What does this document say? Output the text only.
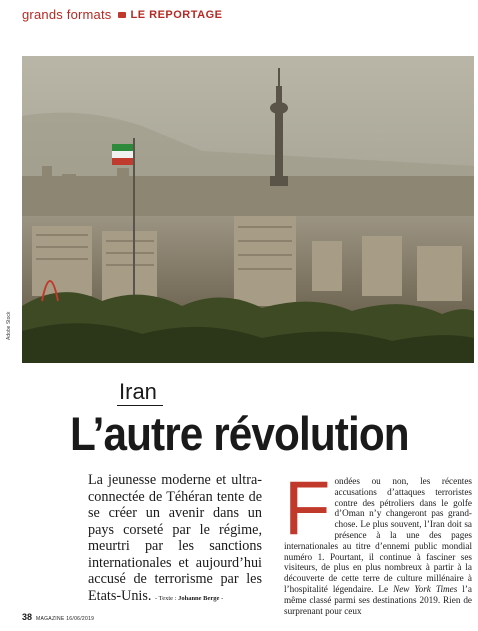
grands formats LE REPORTAGE
Adobe Stock
Iran
L’autre révolution
La jeunesse moderne et ultra-connectée de Téhéran tente de se créer un avenir dans un pays corseté par le régime, meurtri par les sanctions internationales et aujourd’hui accusé de terrorisme par les Etats-Unis. - Texte : Johanne Berge -
Fondées ou non, les récentes accusations d’attaques terroristes contre des pétroliers dans le golfe d’Oman n’y changeront pas grand-chose. Le plus souvent, l’Iran doit sa présence à la une des pages internationales au titre d’ennemi public mondial numéro 1. Pourtant, il continue à fasciner ses visiteurs, de plus en plus nombreux à partir à la découverte de cette terre de culture millénaire à l’hospitalité légendaire. Le New York Times l’a même classé parmi ses destinations 2019. Rien de surprenant pour ceux
38 MAGAZINE 16/06/2019
